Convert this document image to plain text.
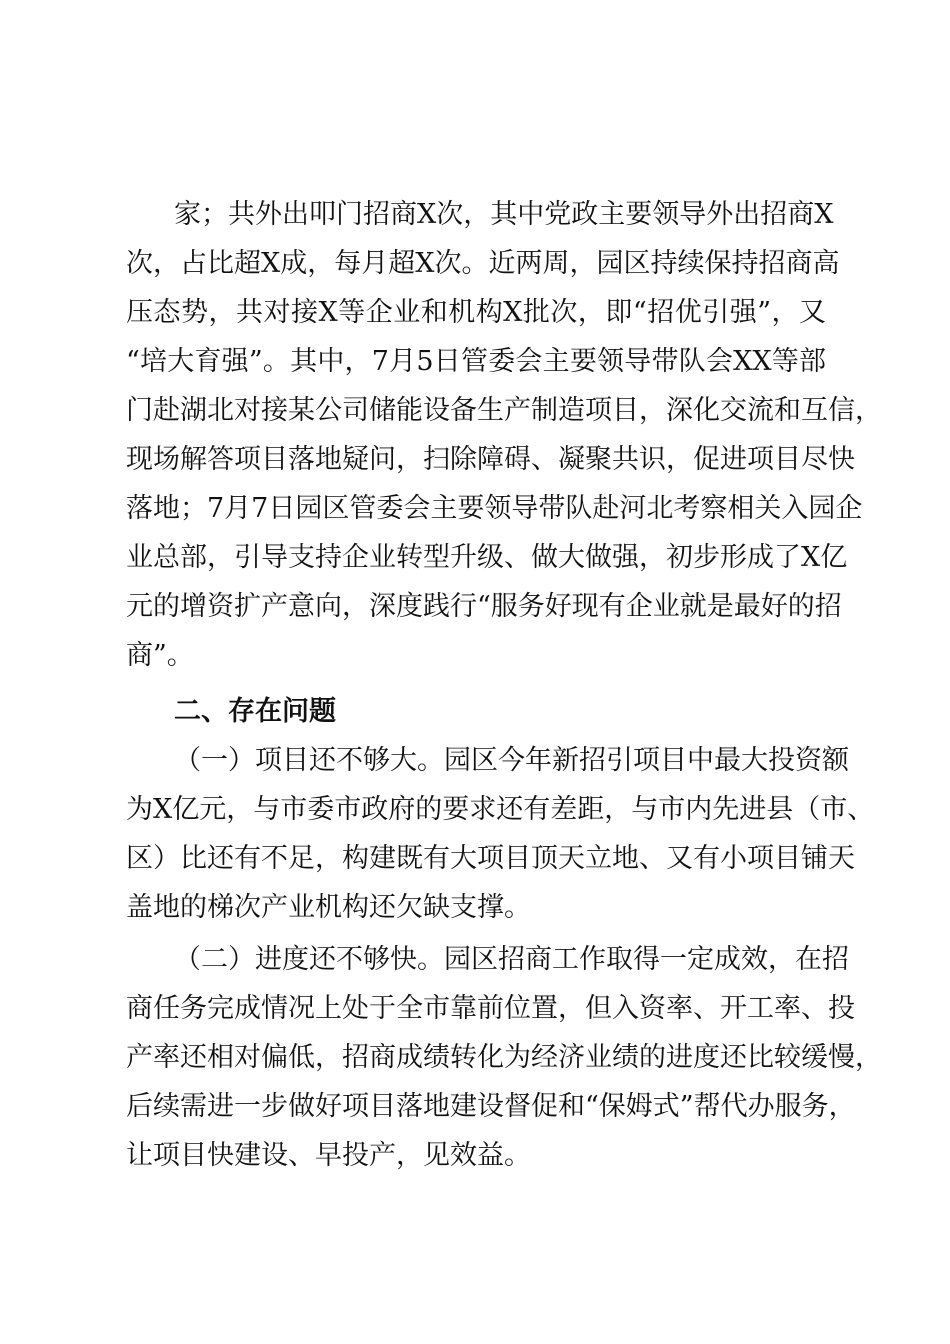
家；共外出叩门招商X次，其中党政主要领导外出招商X
次，占比超X成，每月超X次。近两周，园区持续保持招商高
压态势，共对接X等企业和机构X批次，即“招优引强”，又
“培大育强”。其中，7月5日管委会主要领导带队会XX等部
门赴湖北对接某公司储能设备生产制造项目，深化交流和互信，
现场解答项目落地疑问，扫除障碍、凝聚共识，促进项目尽快
落地；7月7日园区管委会主要领导带队赴河北考察相关入园企
业总部，引导支持企业转型升级、做大做强，初步形成了X亿
元的增资扩产意向，深度践行“服务好现有企业就是最好的招
商”。
二、存在问题
（一）项目还不够大。园区今年新招引项目中最大投资额
为X亿元，与市委市政府的要求还有差距，与市内先进县（市、
区）比还有不足，构建既有大项目顶天立地、又有小项目铺天
盖地的梯次产业机构还欠缺支撑。
（二）进度还不够快。园区招商工作取得一定成效，在招
商任务完成情况上处于全市靠前位置，但入资率、开工率、投
产率还相对偏低，招商成绩转化为经济业绩的进度还比较缓慢，
后续需进一步做好项目落地建设督促和“保姆式”帮代办服务，
让项目快建设、早投产，见效益。
